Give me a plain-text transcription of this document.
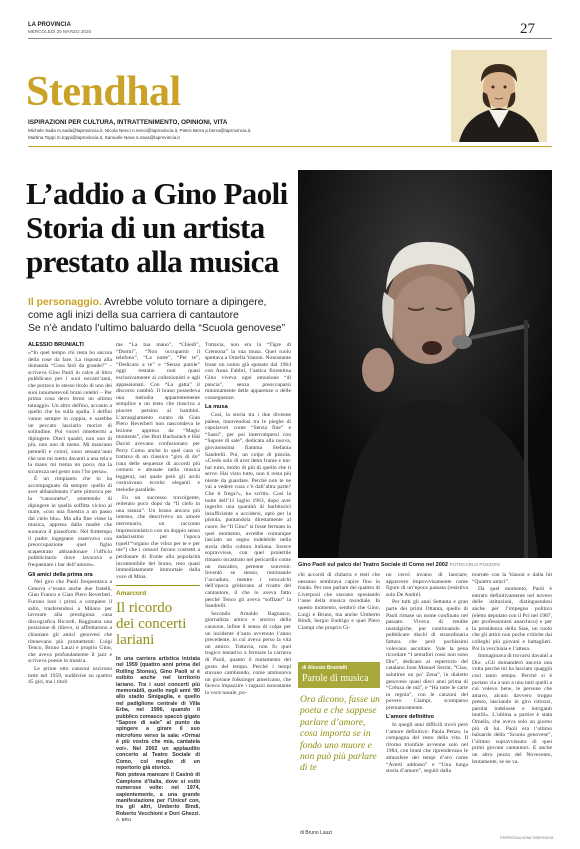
LA PROVINCIA
MERCOLEDÌ 25 MARZO 2026	27
Stendhal
ISPIRAZIONI PER CULTURA, INTRATTENIMENTO, OPINIONI, VITA
Michele Sada m.sada@laprovincia.it, Nicola Nenci n.nenci@laprovincia.it, Pietro Berra p.berra@laprovincia.it,
Martina Toppi m.toppi@laprovincia.it, Samuele Nava s.nava@laprovincia.it
L’addio a Gino Paoli
Storia di un artista
prestato alla musica
Il personaggio. Avrebbe voluto tornare a dipingere,
come agli inizi della sua carriera di cantautore
Se n’è andato l’ultimo baluardo della “Scuola genovese”
Gino Paoli sul palco del Teatro Sociale di Como nel 2002 FOTOCARLO POZZONI
ALESSIO BRUNIALTI

«“In quel tempo chi resta ho ancora della cose da fare. La risposta alla domanda “Cosa farò da grande?” – scriveva Gino Paoli in calce al libro pubblicato per i suoi novant’anni, che portava lo stesso titolo di uno dei suoi innumerevoli brani celebri – Per prima cosa devo fermi un ultimo tatuaggio. Un altro delfino, accanto a quello che ho sulla spalla. I delfini vanno sempre in coppia, e sarebbe un peccato lasciarlo morire di solitudine. Poi vorrei rimettermi a dipingere. Dieci quadri, non uno di più, non uno di meno. Mi mancano pennelli e colori, sono sessant’anni che non mi metto davanti a una tela e la mano mi trema un poco, ma la sicurezza nel gesto non l’ho persa».

È un rimpianto che lo ha accompagnato da sempre: quello di aver abbandonato l’arte pittorica per la “canzonetta”, smettendo di dipingere in quella soffitta vicino al mare, «con una finestra a un passo dal cielo blu». Ma alla fine vinse la musica, appresa dalla madre che suonava il pianoforte. Nel frattempo il padre ingegnere osservava con preoccupazione quel figlio scapestrato abbandonare l’ufficio pubblicitario dove lavorava e frequentare i bar dell’umore».

Gli amici della prima ora

Nel giro che Paoli frequentava a Genova c’erano anche due fratelli, Gian Franco e Gian Piero Reverberi. Furono loro i primi a compiere il salto, trasferendosi a Milano per lavorare alla prestigiosa casa discografica Ricordi. Raggiunta una posizione di rilievo, si affrettarono a chiamare gli amici genovesi che ritenevano più promettenti: Luigi Tenco, Bruno Lauzi e proprio Gino, che aveva profondamente il jazz e scriveva poesie in musica.

Le prime otto canzoni uscirono tutte nel 1959, suddivise su quattro 45 giri, ma i titoli

me “La tua mano”, “Chiedi”, “Dormi”, “Non occuparmi il telefono”, “La notte”, “Per te”, “Dedicato a te” e “Senza parole” oggi restano noti quasi esclusivamente ai collezionisti e agli appassionati. Con “La gatta” il discorso cambiò. Il brano possedeva una melodia apparentemente semplice e un testo che riusciva a piacere persino ai bambini. L’arrangiamento curato da Gian Piero Reverberi non nascondeva le lezione appresa da “Magic moments”, che Burt Bacharach e Hal David avevano confezionato per Perry Como anche in quel caso si trattava di un classico “giro di do” (una delle sequenze di accordi più comuni e abusate nella musica leggera), sul quale però gli archi costruivano eccelsi eleganti e melodie parallele.

Fu un successo travolgente, reiterato poco dopo da “Il cielo in una stanza”. Un brano ancora più intenso, che descriveva un amore mercenario, un racconto impressionistico con un doppio senso audacissimo per l’epoca (quell’“organo che vibra per te e per me”) che i censori furono costretti a perdonare di fronte alla popolarità incontenibile del brano, reso quasi immediatamente immortale dalla voce di Mina.

Amarcord
Il ricordo
dei concerti
lariani

In una carriera artistica iniziata nel 1959 (quattro anni prima del Rolling Stones), Gino Paoli si è esibito anche nel territorio lariano. Tra i suoi concerti più memorabili, quello negli anni ‘80 allo stadio Sinigaglia, e quello nel padiglione centrale di Villa Erba, nel 1996, quando il pubblico comasco spaccò gigato “Sapore di sale” al punto da spingere a girare il suo microfono verso la sala: «Ormai è più vostra che mia, cantatela voi». Nel 2002 un applaudito concerto al Teatro Sociale di Como, col meglio di un repertorio già storico.

Non poteva mancare il Casinò di Campione d’Italia, dove si esibì numerose volte: nel 1974, sapientemente, a una grande manifestazione per l’Unicef con, tra gli altri, Umberto Bindi, Roberto Vecchioni e Dori Ghezzi. A. BRU

Tuttavia, non era la “Tigre di Cremona” la sua musa. Quel ruolo spettava a Ornella Vanoni. Nonostante fosse un uomo già sposato dal 1964 con Anna Fabbri, l’antica fiorentina Gino viveva ogni emozione “di pancia”, senza preoccuparsi minimamente delle apparenze o delle conseguenze.

La musa

Così, la storia tra i due divenne palese, muovendosi tra le pieghe di capolavori come “Senza fine” e “Sassi”, per poi interrompersi con “Sapore di sale”, dedicata alla nuova, giovanissima fiamma Stefania Sandrelli. Poi, un colpo di pistola. «Credo solo di aver detto frame e me: hai tutto, molto di più di quello che ti serve. Hai visto tutto, non ti resta più niente da guardare. Perché non te ne vai a vedere cosa c’è dall’altra parte? Che ti frega?», ha scritto. Così la notte dell’11 luglio 1963, dopo aver ingerito una quantità di barbiturici insufficiente a uccidersi, optò per la pistola, puntandola direttamente al cuore. Se “Il Gino” si fosse fermato in quel momento, avrebbe comunque lasciato un segno indelebile nella storia della cultura italiana. Invece sopravvisse, con quel proiettile rimasto incastrato nel pericardio come un macabro, perenne souvenir. Inventò se stesso, ruminando l’accaduto, mentre i rotocalchi dell’epoca gridavano al ricatto del cantautore, il che lo aveva fatto perché Tenco gli aveva “soffiato” la Sandrelli.

Secondo Arnaldo Bagnasco, giornalista amico e storico della canzone, infine il senso di colpa per un incidente d’auto avvenuto l’anno precedente, in cui aveva perso la vita un amico. Tuttavia, non fu quel tragico tentativo a fermare la carriera di Paoli, quanto il mutamento del gusto del tempo. Perché i tempi stavano cambiando, come ammoniva un giovane folksinger americano, che faceva impazzire i ragazzi nonostante la voce nasale, po-

chi accordi di chitarra e testi che nessuno sembrava capire fino in fondo. Per non parlare dei quattro di Liverpool che stavano spostando l’asse della musica mondiale. In questo momento, sembrò che Gino, Luigi e Bruno, ma anche Umberto Bindi, Sergio Endrigo e quel Piero Ciampi che proprio Gi-

di Alessio Brunialti
Parole di musica
Ora dicono, fasse un poeta e che sappese parlare d’amore, cosa importa se in fondo uno muore e non può più parlare di te
di Bruno Lauzi

no cercò invano di lanciare, apparvero improvvisamente come figure di un’epoca passata (resistiva solo De André).

Per tutti gli anni Settanta e gran parte dei primi Ottanta, quello di Paoli rimase un nome confinato nel passato. Viveva di rendite nostalgiche, pur continuando a pubblicare dischi di straordinaria fattura che però pochissimi volevano ascoltare. Vale la pena ricordare “I semafori rossi non sono Dio”, dedicato al repertorio del catalano Joan Manuel Serrat, “Ciao, salutime un po’ Zena”, in dialetto genovese quasi dieci anni prima di “Crêuza de mä”, e “Ha tutte le carte in regola”, con le canzoni del povero Ciampi, scomparso prematuramente.

L’amore definitivo

In quegli anni difficili trovò però l’amore definitivo: Paola Penzo, la compagna del resto della vita. Il ritorno trionfale avvenne solo nel 1984, con brani che riprendevano le atmosfere dei tempi d’oro come “Averti addosso” e “Una lunga storia d’amore”, seguiti dalla

tournée con la Vanoni e dalla hit “Quattro amici”.

Da quel momento, Paoli è entrato definitivamente nel novero delle istituzioni, distinguendosi anche per l’impegno politico (eletto deputato con il Pci nel 1987, per professionisti anarchico) e per la presidenza della Siae, un ruolo che gli attirò non poche critiche dai colleghi più giovani e battaglieri. Poi la vecchiaia e l’attesa.

Immaginava di trovarsi davanti a Dio: «Gli domanderò ancora una volta perché mi ha lasciato quaggiù così tanto tempo. Perché si è portato via a uno a uno tutti quelli a cui volevo bene, le persone che amavo, alcuni davvero troppo presto, lasciando in giro citrozzi, parolai indelosse e intrigantì inutili». L’ultima a partire è stata Ornella, che aveva solo un giorno più di lui. Paoli era l’ultimo baluardo della “Scuola genovese”, l’ultimo sopravvissuto di quei primi giovani cantautori. E anche un altro pezzo del Novecento, lentamente, se ne va.

©RIPRODUZIONE RISERVATA
